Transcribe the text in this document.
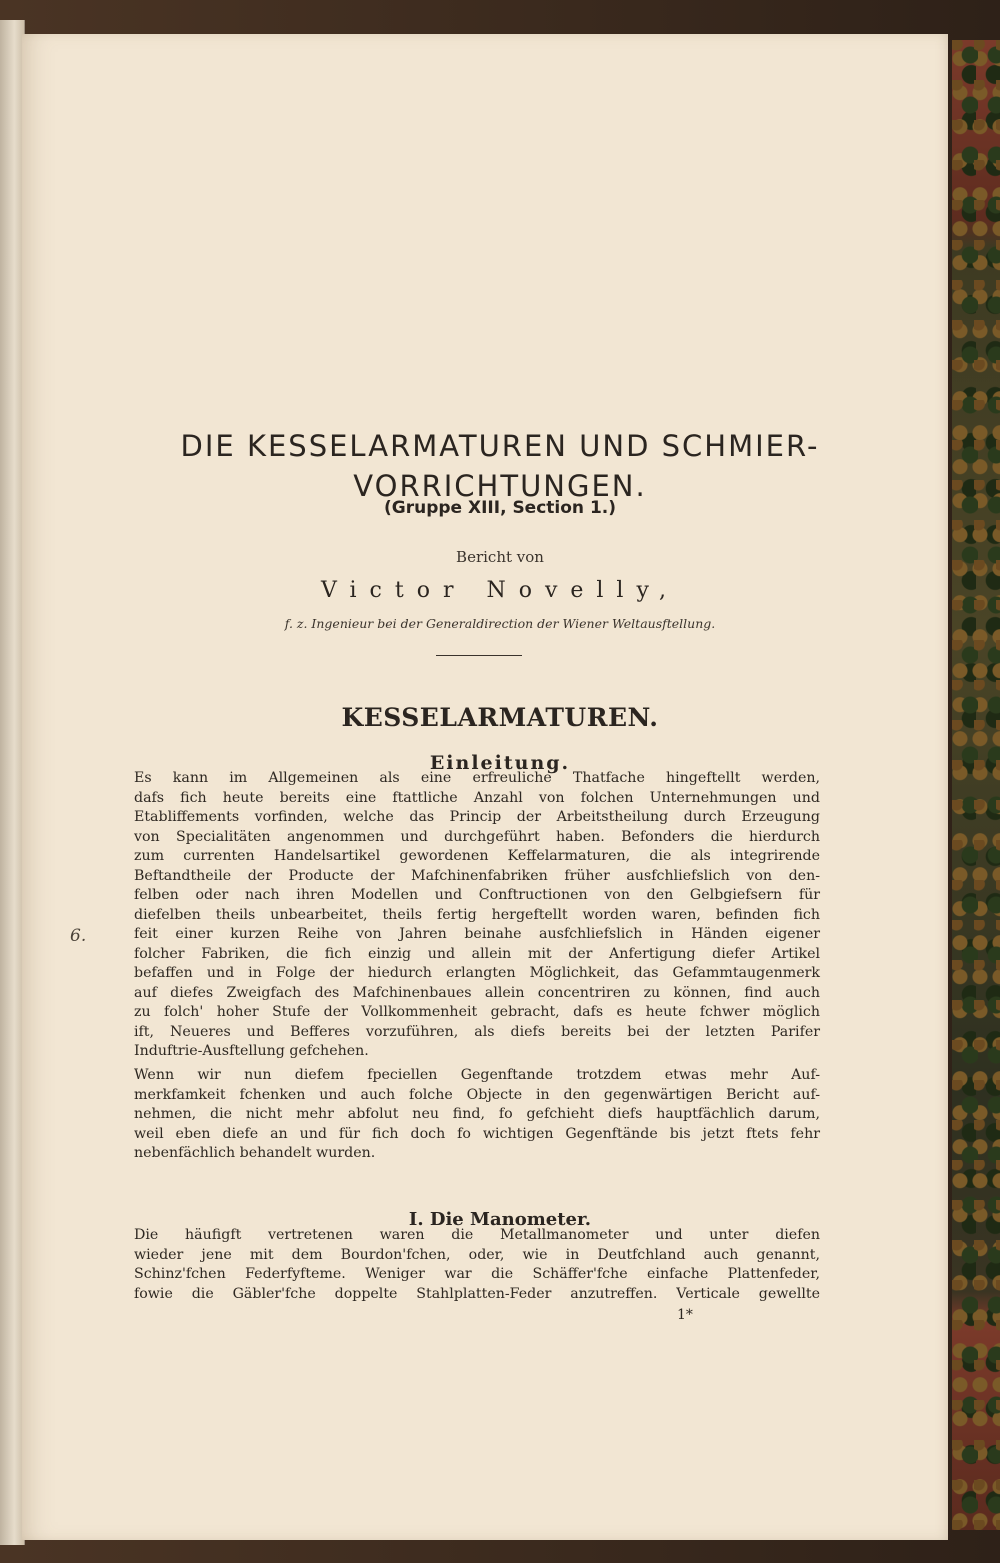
DIE KESSELARMATUREN UND SCHMIER-
VORRICHTUNGEN.
(Gruppe XIII, Section 1.)
Bericht von
Victor Novelly,
f. z. Ingenieur bei der Generaldirection der Wiener Weltausftellung.
KESSELARMATUREN.
Einleitung.
6.

Es kann im Allgemeinen als eine erfreuliche Thatfache hingeftellt werden,
dafs fich heute bereits eine ftattliche Anzahl von folchen Unternehmungen und
Etabliffements vorfinden, welche das Princip der Arbeitstheilung durch Erzeugung
von Specialitäten angenommen und durchgeführt haben. Befonders die hierdurch
zum currenten Handelsartikel gewordenen Keffelarmaturen, die als integrirende
Beftandtheile der Producte der Mafchinenfabriken früher ausfchliefslich von den-
felben oder nach ihren Modellen und Conftructionen von den Gelbgiefsern für
diefelben theils unbearbeitet, theils fertig hergeftellt worden waren, befinden fich
feit einer kurzen Reihe von Jahren beinahe ausfchliefslich in Händen eigener
folcher Fabriken, die fich einzig und allein mit der Anfertigung diefer Artikel
befaffen und in Folge der hiedurch erlangten Möglichkeit, das Gefammtaugenmerk
auf diefes Zweigfach des Mafchinenbaues allein concentriren zu können, find auch
zu folch' hoher Stufe der Vollkommenheit gebracht, dafs es heute fchwer möglich
ift, Neueres und Befferes vorzuführen, als diefs bereits bei der letzten Parifer
Induftrie-Ausftellung gefchehen.

Wenn wir nun diefem fpeciellen Gegenftande trotzdem etwas mehr Auf-
merkfamkeit fchenken und auch folche Objecte in den gegenwärtigen Bericht auf-
nehmen, die nicht mehr abfolut neu find, fo gefchieht diefs hauptfächlich darum,
weil eben diefe an und für fich doch fo wichtigen Gegenftände bis jetzt ftets fehr
nebenfächlich behandelt wurden.

I. Die Manometer.

Die häufigft vertretenen waren die Metallmanometer und unter diefen
wieder jene mit dem Bourdon'fchen, oder, wie in Deutfchland auch genannt,
Schinz'fchen Federfyfteme. Weniger war die Schäffer'fche einfache Plattenfeder,
fowie die Gäbler'fche doppelte Stahlplatten-Feder anzutreffen. Verticale gewellte

1*
